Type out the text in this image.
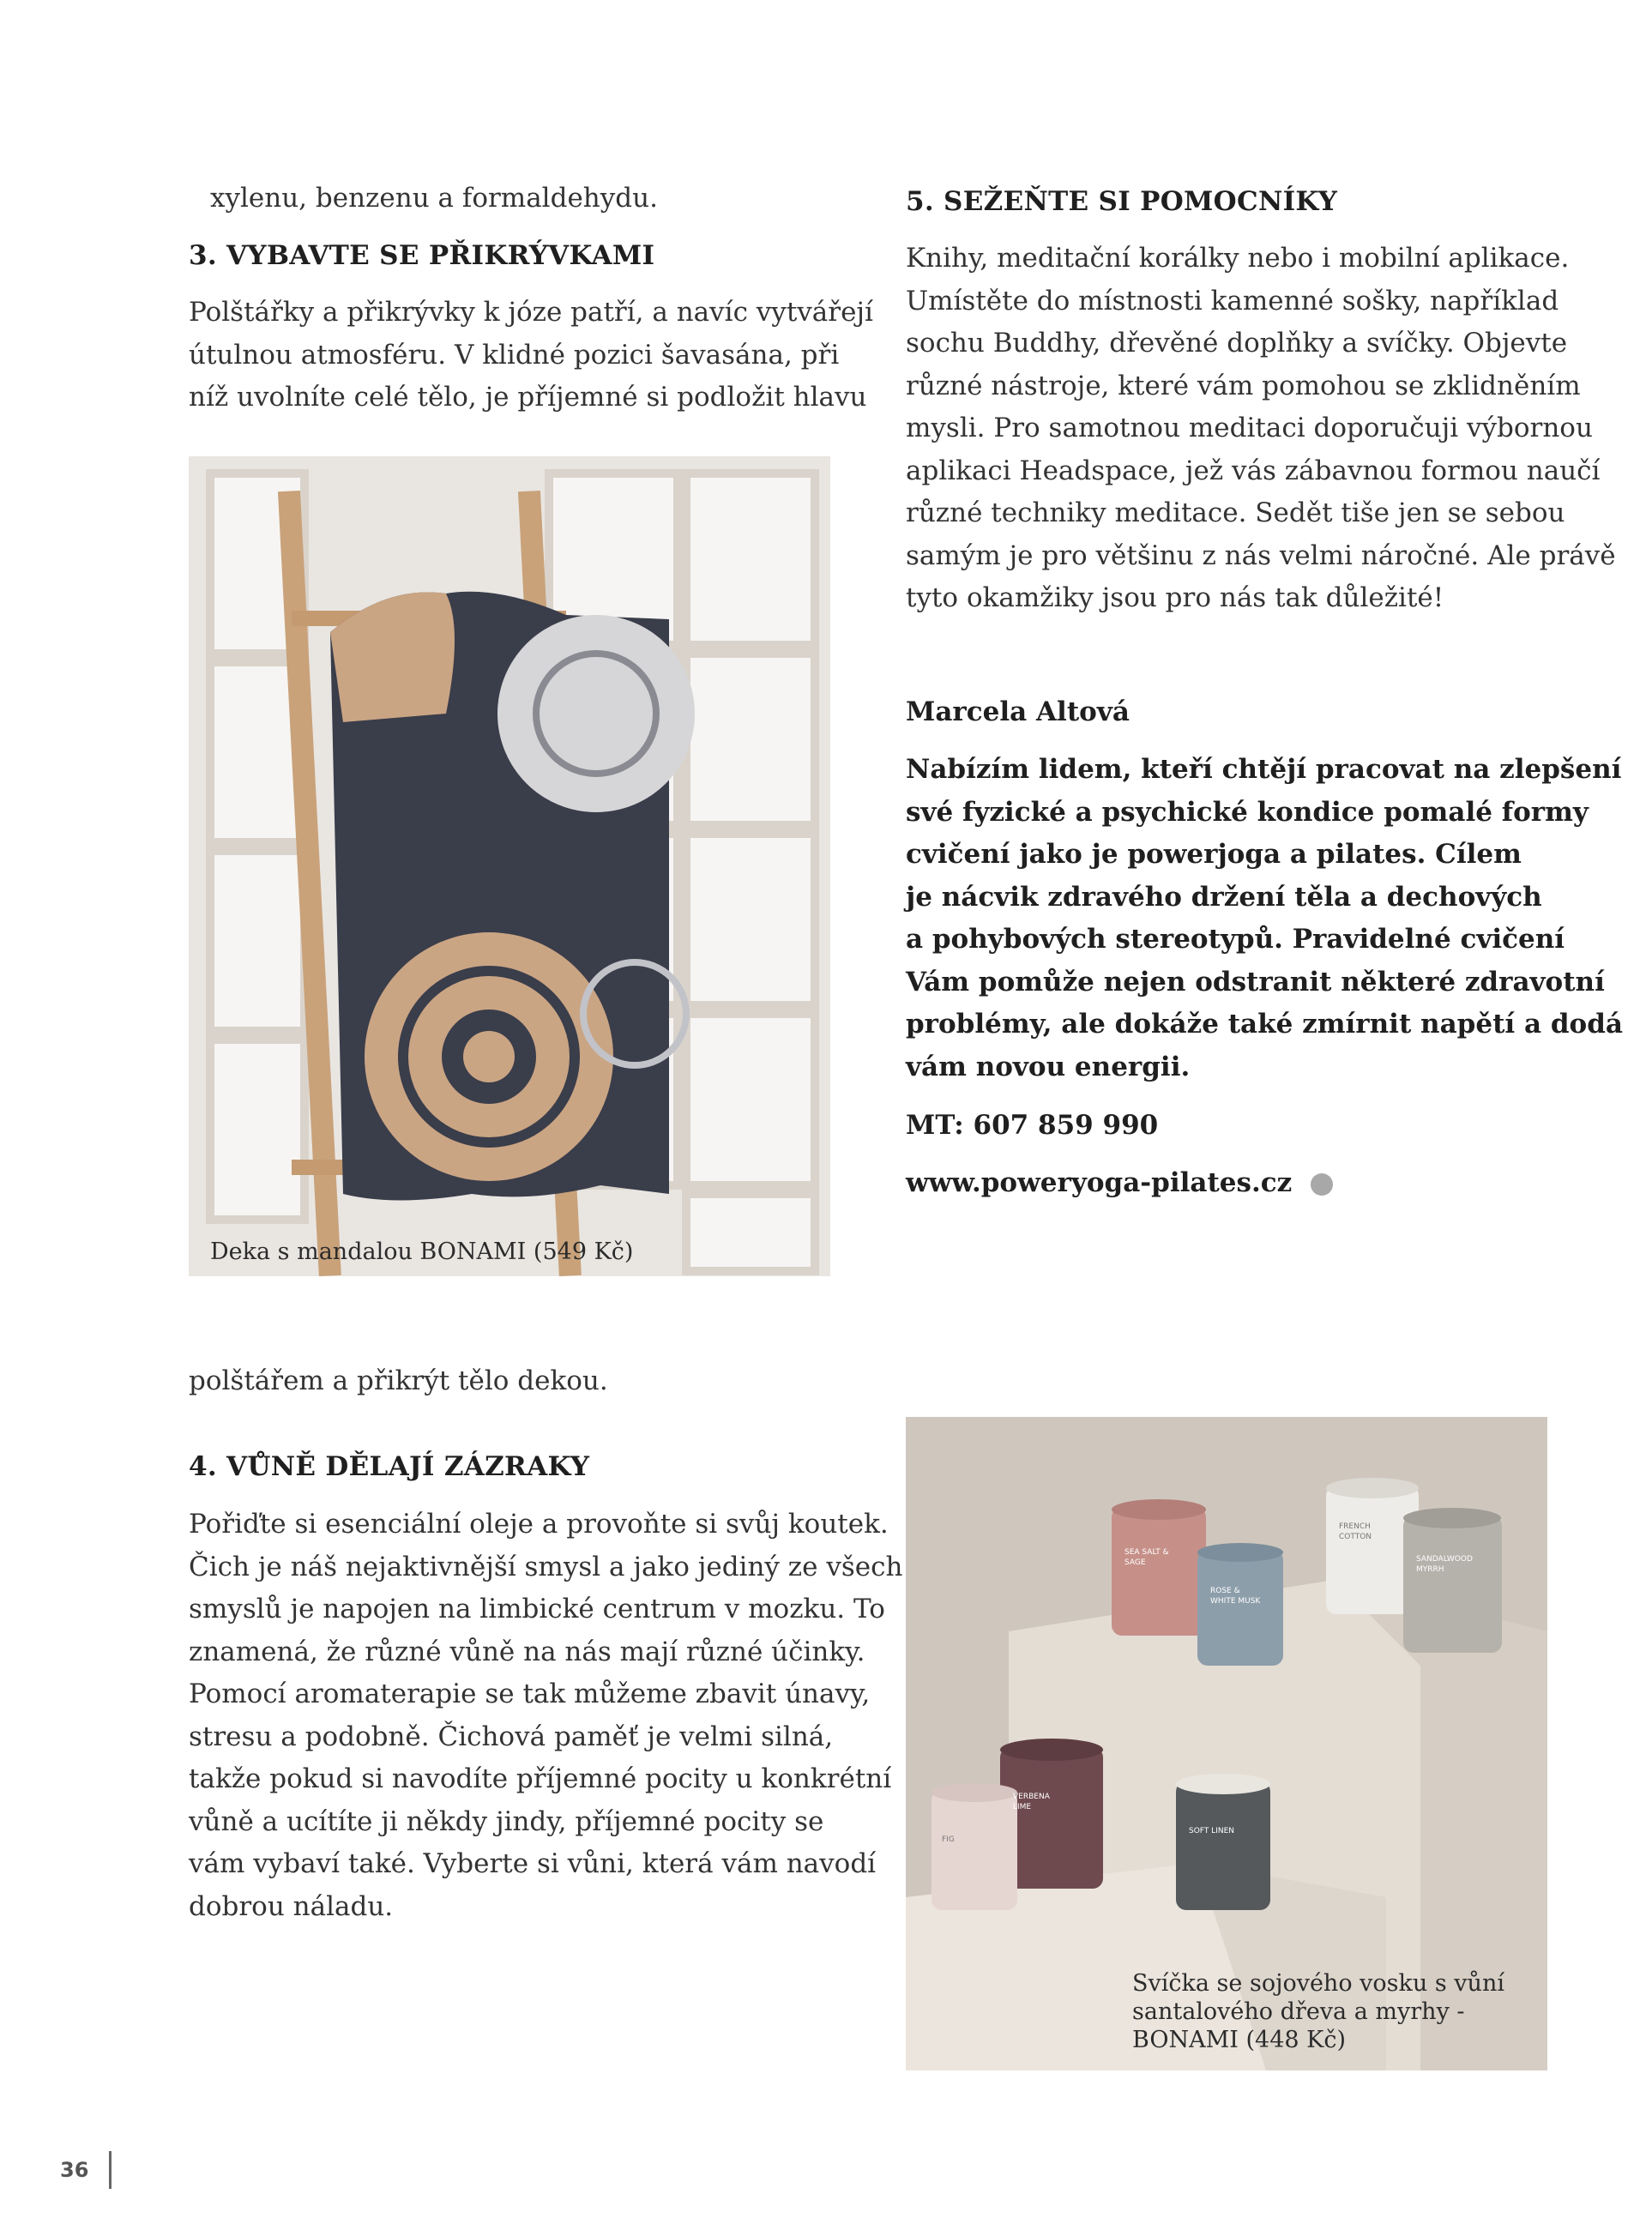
xylenu, benzenu a formaldehydu.

3. VYBAVTE SE PŘIKRÝVKAMI

Polštářky a přikrývky k józe patří, a navíc vytvářejí

útulnou atmosféru. V klidné pozici šavasána, při

níž uvolníte celé tělo, je příjemné si podložit hlavu

Deka s mandalou BONAMI (549 Kč)

polštářem a přikrýt tělo dekou.

4. VŮNĚ DĚLAJÍ ZÁZRAKY

Pořiďte si esenciální oleje a provoňte si svůj koutek.

Čich je náš nejaktivnější smysl a jako jediný ze všech

smyslů je napojen na limbické centrum v mozku. To

znamená, že různé vůně na nás mají různé účinky.

Pomocí aromaterapie se tak můžeme zbavit únavy,

stresu a podobně. Čichová paměť je velmi silná,

takže pokud si navodíte příjemné pocity u konkrétní

vůně a ucítíte ji někdy jindy, příjemné pocity se

vám vybaví také. Vyberte si vůni, která vám navodí

dobrou náladu.

5. SEŽEŇTE SI POMOCNÍKY

Knihy, meditační korálky nebo i mobilní aplikace.

Umístěte do místnosti kamenné sošky, například

sochu Buddhy, dřevěné doplňky a svíčky. Objevte

různé nástroje, které vám pomohou se zklidněním

mysli. Pro samotnou meditaci doporučuji výbornou

aplikaci Headspace, jež vás zábavnou formou naučí

různé techniky meditace. Sedět tiše jen se sebou

samým je pro většinu z nás velmi náročné. Ale právě

tyto okamžiky jsou pro nás tak důležité!

Marcela Altová

Nabízím lidem, kteří chtějí pracovat na zlepšení

své fyzické a psychické kondice pomalé formy

cvičení jako je powerjoga a pilates. Cílem

je nácvik zdravého držení těla a dechových

a pohybových stereotypů. Pravidelné cvičení

Vám pomůže nejen odstranit některé zdravotní

problémy, ale dokáže také zmírnit napětí a dodá

vám novou energii.

MT: 607 859 990
www.poweryoga-pilates.cz
SEA SALT &
SAGE
ROSE &
WHITE MUSK
SANDALWOOD
MYRRH
VERBENA
LIME
SOFT LINEN
FRENCH
COTTON
FIG
Svíčka se sojového vosku s vůní
santalového dřeva a myrhy -
BONAMI (448 Kč)
36
